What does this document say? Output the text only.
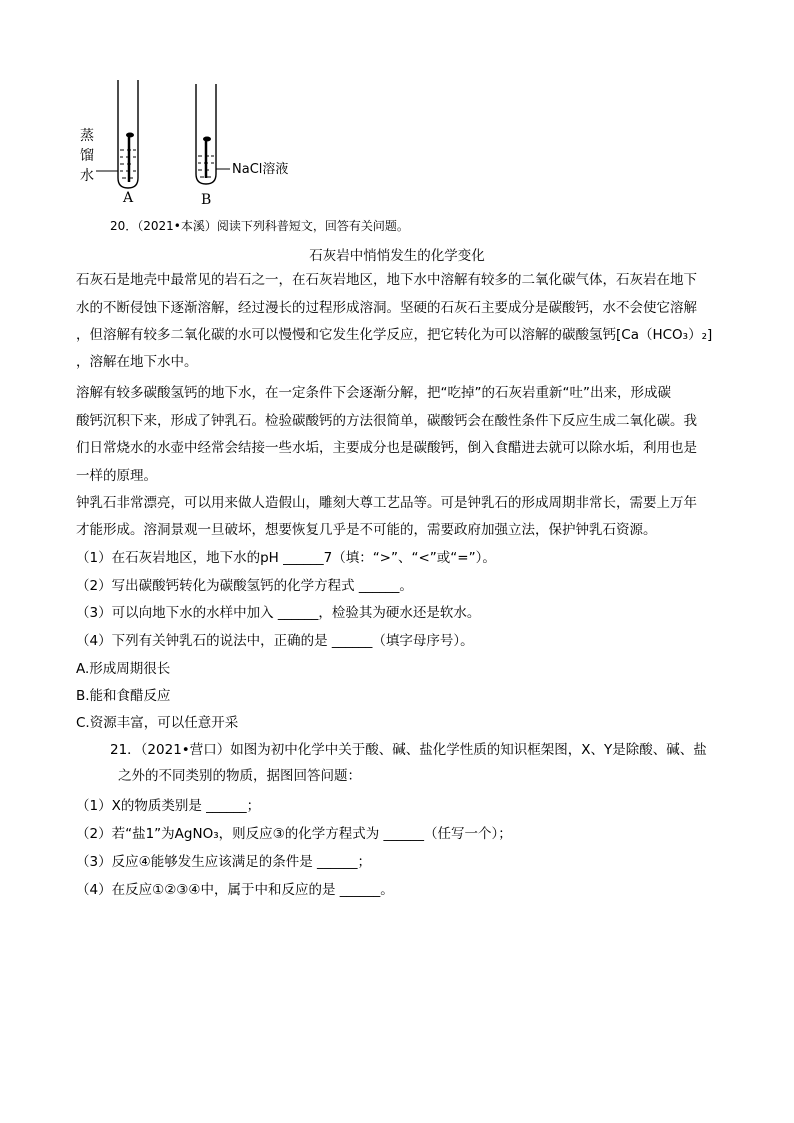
蒸
馏
水
A	B
NaCl溶液
20．（2021•本溪）阅读下列科普短文，回答有关问题。
石灰岩中悄悄发生的化学变化
石灰石是地壳中最常见的岩石之一，在石灰岩地区，地下水中溶解有较多的二氧化碳气体，石灰岩在地下
水的不断侵蚀下逐渐溶解，经过漫长的过程形成溶洞。坚硬的石灰石主要成分是碳酸钙，水不会使它溶解
，但溶解有较多二氧化碳的水可以慢慢和它发生化学反应，把它转化为可以溶解的碳酸氢钙[Ca（HCO₃）₂]
，溶解在地下水中。
溶解有较多碳酸氢钙的地下水，在一定条件下会逐渐分解，把“吃掉”的石灰岩重新“吐”出来，形成碳
酸钙沉积下来，形成了钟乳石。检验碳酸钙的方法很简单，碳酸钙会在酸性条件下反应生成二氧化碳。我
们日常烧水的水壶中经常会结接一些水垢，主要成分也是碳酸钙，倒入食醋进去就可以除水垢，利用也是
一样的原理。
钟乳石非常漂亮，可以用来做人造假山，雕刻大尊工艺品等。可是钟乳石的形成周期非常长，需要上万年
才能形成。溶洞景观一旦破坏，想要恢复几乎是不可能的，需要政府加强立法，保护钟乳石资源。
（1）在石灰岩地区，地下水的pH ______7（填：“>”、“<”或“=”）。
（2）写出碳酸钙转化为碳酸氢钙的化学方程式 ______。
（3）可以向地下水的水样中加入 ______，检验其为硬水还是软水。
（4）下列有关钟乳石的说法中，正确的是 ______（填字母序号）。
A.形成周期很长
B.能和食醋反应
C.资源丰富，可以任意开采
21．（2021•营口）如图为初中化学中关于酸、碱、盐化学性质的知识框架图，X、Y是除酸、碱、盐
之外的不同类别的物质，据图回答问题：
（1）X的物质类别是 ______；
（2）若“盐1”为AgNO₃，则反应③的化学方程式为 ______（任写一个）；
（3）反应④能够发生应该满足的条件是 ______；
（4）在反应①②③④中，属于中和反应的是 ______。
